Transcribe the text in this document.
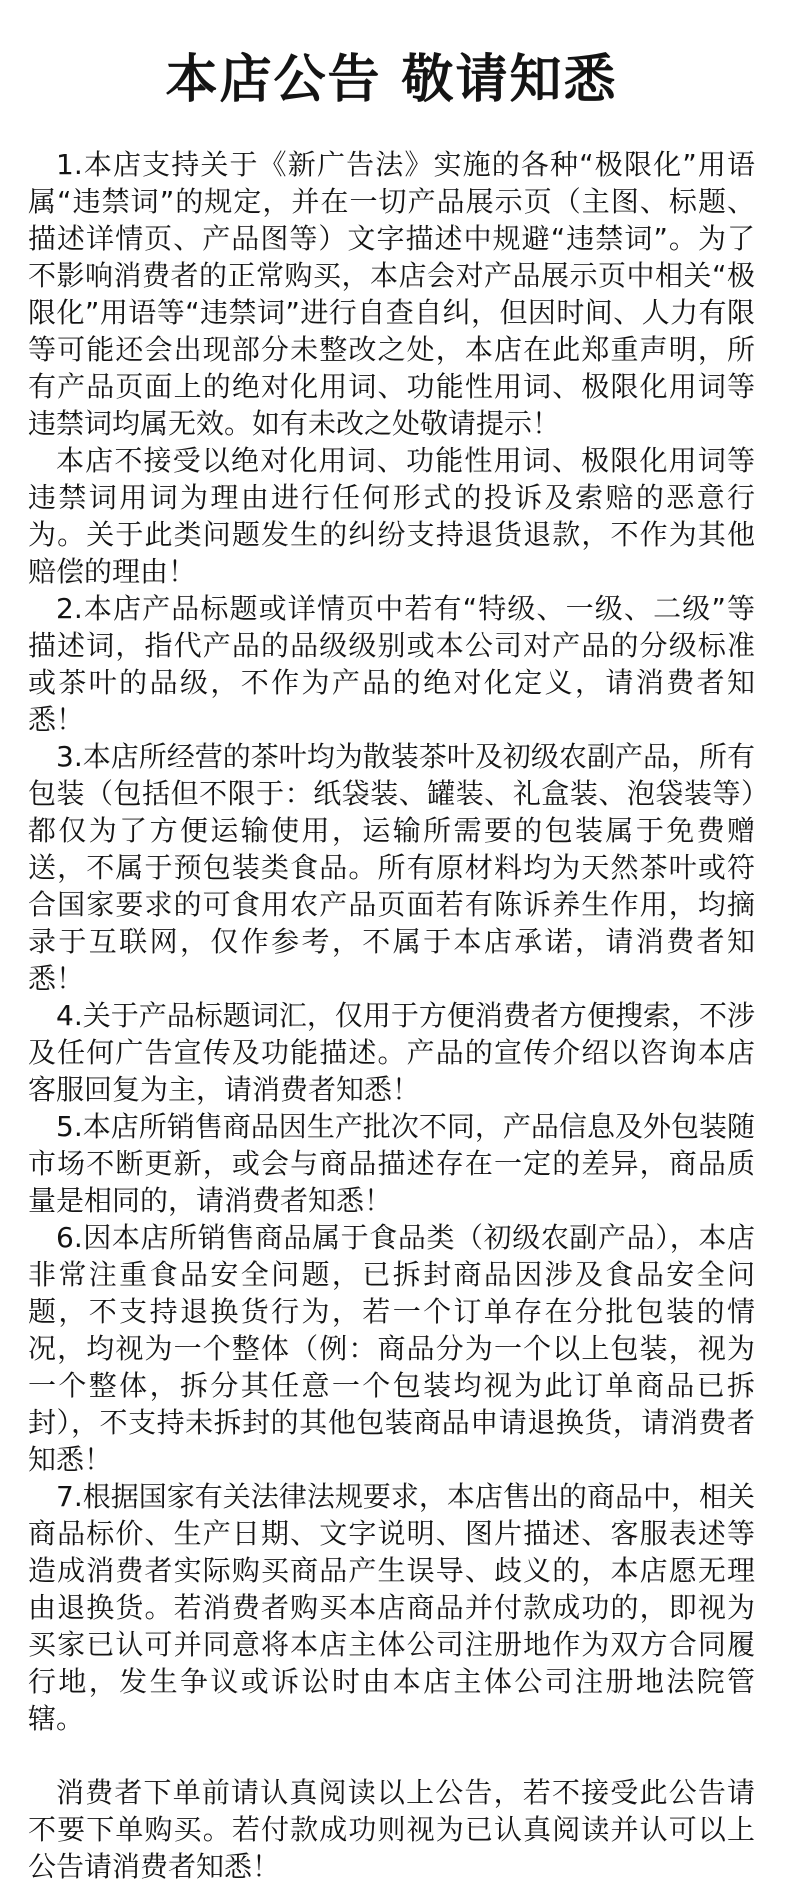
本店公告 敬请知悉

1.本店支持关于《新广告法》实施的各种“极限化”用语属“违禁词”的规定，并在一切产品展示页（主图、标题、描述详情页、产品图等）文字描述中规避“违禁词”。为了不影响消费者的正常购买，本店会对产品展示页中相关“极限化”用语等“违禁词”进行自查自纠，但因时间、人力有限等可能还会出现部分未整改之处，本店在此郑重声明，所有产品页面上的绝对化用词、功能性用词、极限化用词等违禁词均属无效。如有未改之处敬请提示！

本店不接受以绝对化用词、功能性用词、极限化用词等违禁词用词为理由进行任何形式的投诉及索赔的恶意行为。关于此类问题发生的纠纷支持退货退款，不作为其他赔偿的理由！

2.本店产品标题或详情页中若有“特级、一级、二级”等描述词，指代产品的品级级别或本公司对产品的分级标准或茶叶的品级，不作为产品的绝对化定义，请消费者知悉！

3.本店所经营的茶叶均为散装茶叶及初级农副产品，所有包装（包括但不限于：纸袋装、罐装、礼盒装、泡袋装等）都仅为了方便运输使用，运输所需要的包装属于免费赠送，不属于预包装类食品。所有原材料均为天然茶叶或符合国家要求的可食用农产品页面若有陈诉养生作用，均摘录于互联网，仅作参考，不属于本店承诺，请消费者知悉！

4.关于产品标题词汇，仅用于方便消费者方便搜索，不涉及任何广告宣传及功能描述。产品的宣传介绍以咨询本店客服回复为主，请消费者知悉！

5.本店所销售商品因生产批次不同，产品信息及外包装随市场不断更新，或会与商品描述存在一定的差异，商品质量是相同的，请消费者知悉！

6.因本店所销售商品属于食品类（初级农副产品），本店非常注重食品安全问题，已拆封商品因涉及食品安全问题，不支持退换货行为，若一个订单存在分批包装的情况，均视为一个整体（例：商品分为一个以上包装，视为一个整体，拆分其任意一个包装均视为此订单商品已拆封），不支持未拆封的其他包装商品申请退换货，请消费者知悉！

7.根据国家有关法律法规要求，本店售出的商品中，相关商品标价、生产日期、文字说明、图片描述、客服表述等造成消费者实际购买商品产生误导、歧义的，本店愿无理由退换货。若消费者购买本店商品并付款成功的，即视为买家已认可并同意将本店主体公司注册地作为双方合同履行地，发生争议或诉讼时由本店主体公司注册地法院管辖。

消费者下单前请认真阅读以上公告，若不接受此公告请不要下单购买。若付款成功则视为已认真阅读并认可以上公告请消费者知悉！
